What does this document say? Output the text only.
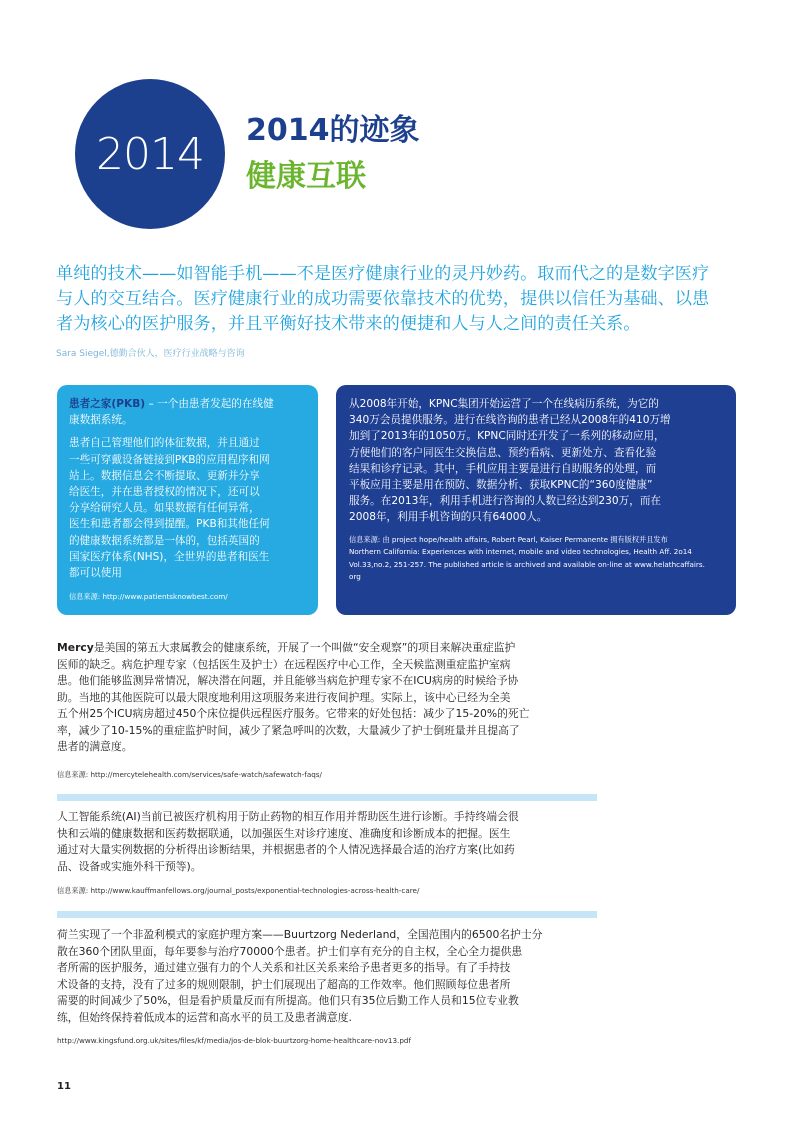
2014 2014的迹象
健康互联
单纯的技术——如智能手机——不是医疗健康行业的灵丹妙药。取而代之的是数字医疗
与人的交互结合。医疗健康行业的成功需要依靠技术的优势，提供以信任为基础、以患
者为核心的医护服务，并且平衡好技术带来的便捷和人与人之间的责任关系。
Sara Siegel,德勤合伙人，医疗行业战略与咨询
患者之家(PKB) – 一个由患者发起的在线健
康数据系统。
患者自己管理他们的体征数据，并且通过
一些可穿戴设备链接到PKB的应用程序和网
站上。数据信息会不断提取、更新并分享
给医生，并在患者授权的情况下，还可以
分享给研究人员。如果数据有任何异常，
医生和患者都会得到提醒。PKB和其他任何
的健康数据系统都是一体的，包括英国的
国家医疗体系(NHS)，全世界的患者和医生
都可以使用
信息来源: http://www.patientsknowbest.com/
从2008年开始，KPNC集团开始运营了一个在线病历系统，为它的
340万会员提供服务。进行在线咨询的患者已经从2008年的410万增
加到了2013年的1050万。KPNC同时还开发了一系列的移动应用，
方便他们的客户同医生交换信息、预约看病、更新处方、查看化验
结果和诊疗记录。其中，手机应用主要是进行自助服务的处理，而
平板应用主要是用在预防、数据分析、获取KPNC的“360度健康”
服务。在2013年，利用手机进行咨询的人数已经达到230万，而在
2008年，利用手机咨询的只有64000人。
信息来源: 由 project hope/health affairs, Robert Pearl, Kaiser Permanente 拥有版权并且发布
Northern California: Experiences with internet, mobile and video technologies, Health Aff. 2o14
Vol.33,no.2, 251-257. The published article is archived and available on-line at www.helathcaffairs.
org
Mercy是美国的第五大隶属教会的健康系统，开展了一个叫做“安全观察”的项目来解决重症监护
医师的缺乏。病危护理专家（包括医生及护士）在远程医疗中心工作，全天候监测重症监护室病
患。他们能够监测异常情况，解决潜在问题，并且能够当病危护理专家不在ICU病房的时候给予协
助。当地的其他医院可以最大限度地利用这项服务来进行夜间护理。实际上，该中心已经为全美
五个州25个ICU病房超过450个床位提供远程医疗服务。它带来的好处包括：减少了15-20%的死亡
率，减少了10-15%的重症监护时间，减少了紧急呼叫的次数，大量减少了护士倒班量并且提高了
患者的满意度。
信息来源: http://mercytelehealth.com/services/safe-watch/safewatch-faqs/
人工智能系统(AI)当前已被医疗机构用于防止药物的相互作用并帮助医生进行诊断。手持终端会很
快和云端的健康数据和医药数据联通，以加强医生对诊疗速度、准确度和诊断成本的把握。医生
通过对大量实例数据的分析得出诊断结果，并根据患者的个人情况选择最合适的治疗方案(比如药
品、设备或实施外科干预等)。
信息来源: http://www.kauffmanfellows.org/journal_posts/exponential-technologies-across-health-care/
荷兰实现了一个非盈利模式的家庭护理方案——Buurtzorg Nederland，全国范围内的6500名护士分
散在360个团队里面，每年要参与治疗70000个患者。护士们享有充分的自主权，全心全力提供患
者所需的医护服务，通过建立强有力的个人关系和社区关系来给予患者更多的指导。有了手持技
术设备的支持，没有了过多的规则限制，护士们展现出了超高的工作效率。他们照顾每位患者所
需要的时间减少了50%，但是看护质量反而有所提高。他们只有35位后勤工作人员和15位专业教
练，但始终保持着低成本的运营和高水平的员工及患者满意度.
http://www.kingsfund.org.uk/sites/files/kf/media/jos-de-blok-buurtzorg-home-healthcare-nov13.pdf
11
